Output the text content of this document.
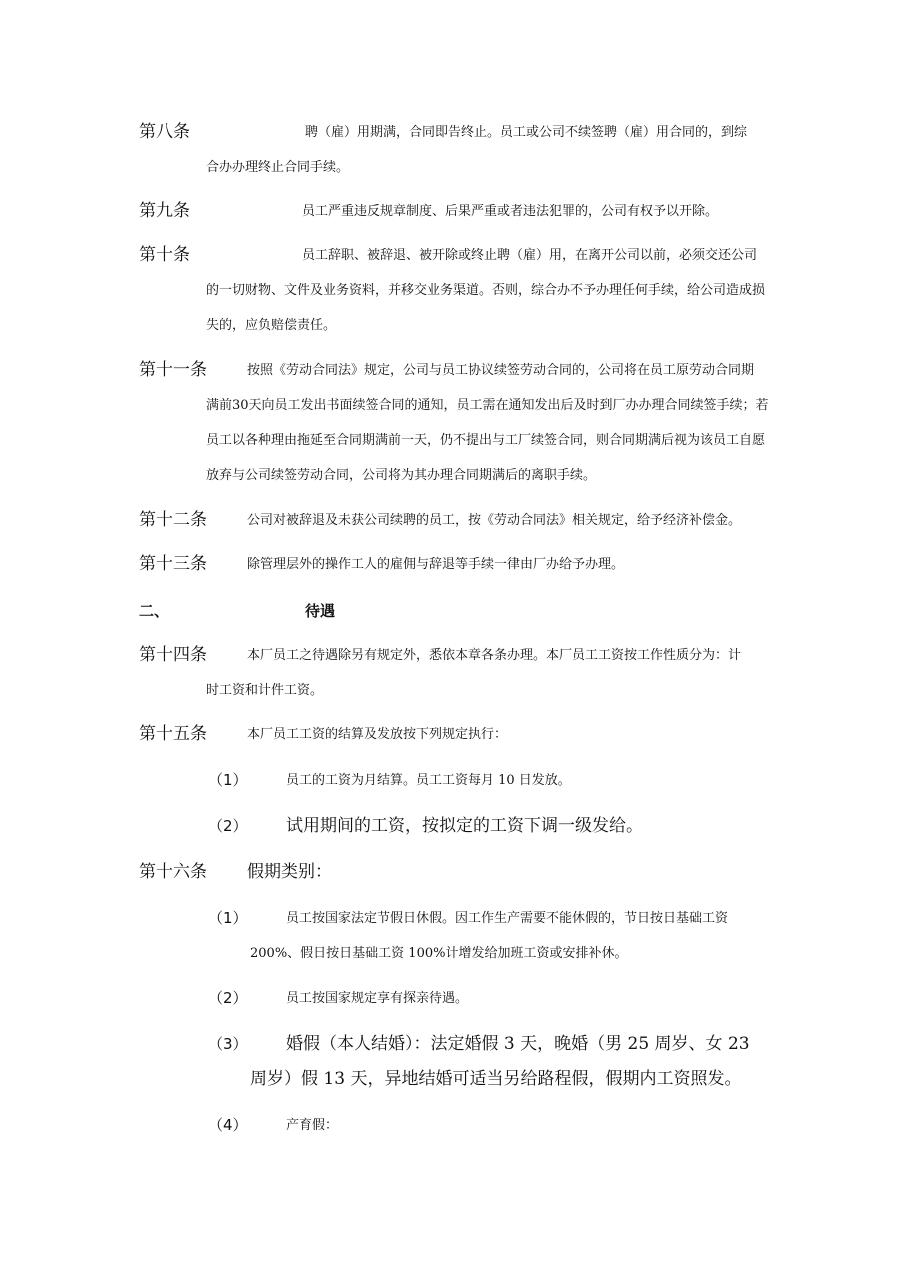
第八条	聘（雇）用期满，合同即告终止。员工或公司不续签聘（雇）用合同的，到综
合办办理终止合同手续。
第九条	员工严重违反规章制度、后果严重或者违法犯罪的，公司有权予以开除。
第十条	员工辞职、被辞退、被开除或终止聘（雇）用，在离开公司以前，必须交还公司
的一切财物、文件及业务资料，并移交业务渠道。否则，综合办不予办理任何手续，给公司造成损失的，应负赔偿责任。
第十一条	按照《劳动合同法》规定，公司与员工协议续签劳动合同的，公司将在员工原劳动合同期
满前30天向员工发出书面续签合同的通知，员工需在通知发出后及时到厂办办理合同续签手续；若员工以各种理由拖延至合同期满前一天，仍不提出与工厂续签合同，则合同期满后视为该员工自愿放弃与公司续签劳动合同，公司将为其办理合同期满后的离职手续。
第十二条	公司对被辞退及未获公司续聘的员工，按《劳动合同法》相关规定，给予经济补偿金。
第十三条	除管理层外的操作工人的雇佣与辞退等手续一律由厂办给予办理。
二、	待遇
第十四条	本厂员工之待遇除另有规定外，悉依本章各条办理。本厂员工工资按工作性质分为：计
时工资和计件工资。
第十五条	本厂员工工资的结算及发放按下列规定执行：
（1）	员工的工资为月结算。员工工资每月 10 日发放。
（2）	试用期间的工资，按拟定的工资下调一级发给。
第十六条	假期类别：
（1）	员工按国家法定节假日休假。因工作生产需要不能休假的，节日按日基础工资
200%、假日按日基础工资 100%计增发给加班工资或安排补休。
（2）	员工按国家规定享有探亲待遇。
（3）	婚假（本人结婚）：法定婚假 3 天，晚婚（男 25 周岁、女 23
周岁）假 13 天，异地结婚可适当另给路程假，假期内工资照发。
（4）	产育假：
